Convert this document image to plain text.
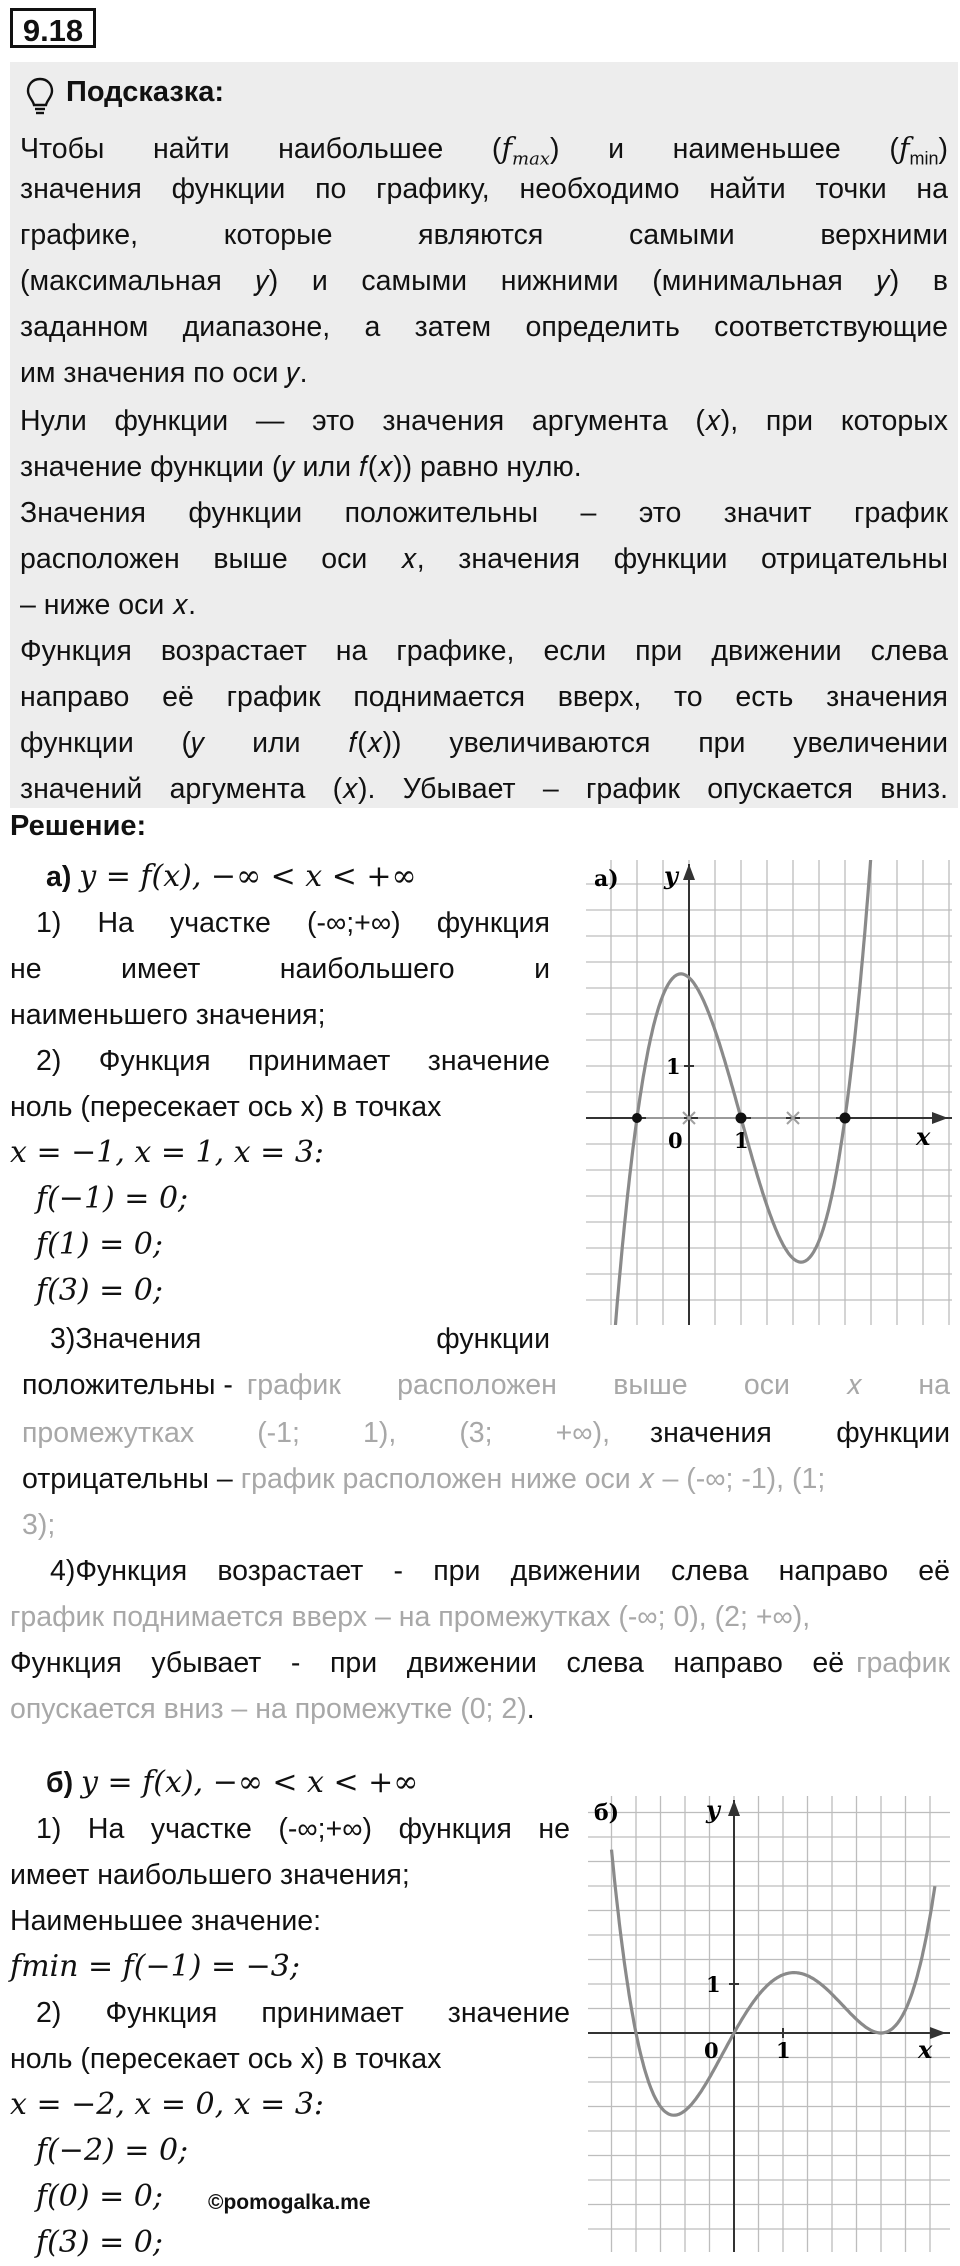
9.18
Подсказка:
Чтобы найти наибольшее $(f_{max})$ и наименьшее $(f_{min})$
значения функции по графику, необходимо найти точки на
графике, которые являются самыми верхними
(максимальная 𝑦) и самыми нижними (минимальная 𝑦) в
заданном диапазоне, а затем определить соответствующие
им значения по оси 𝑦.
Нули функции — это значения аргумента (𝑥), при которых
значение функции (𝑦 или 𝑓(𝑥)) равно нулю.
Значения функции положительны – это значит график
расположен выше оси 𝑥, значения функции отрицательны
– ниже оси 𝑥.
Функция возрастает на графике, если при движении слева
направо её график поднимается вверх, то есть значения
функции (𝑦 или 𝑓(𝑥)) увеличиваются при увеличении
значений аргумента (𝑥). Убывает – график опускается вниз.
Решение:
а) 𝑦 = 𝑓(𝑥), −∞ < 𝑥 < +∞
1) На участке (-∞;+∞) функция
не имеет наибольшего и
наименьшего значения;
2) Функция принимает значение
ноль (пересекает ось х) в точках
𝑥 = −1, 𝑥 = 1, 𝑥 = 3:
𝑓(−1) = 0;
𝑓(1) = 0;
𝑓(3) = 0;
3)Значения функции
положительны - график расположен выше оси 𝑥 на
промежутках (-1; 1), (3; +∞), значения функции
отрицательны – график расположен ниже оси 𝑥 – (-∞; -1), (1;
3);
4)Функция возрастает - при движении слева направо её
график поднимается вверх – на промежутках (-∞; 0), (2; +∞),
Функция убывает - при движении слева направо её график
опускается вниз – на промежутке (0; 2).
а) y
x
1
0 1
б) 𝑦 = 𝑓(𝑥), −∞ < 𝑥 < +∞
1) На участке (-∞;+∞) функция не
имеет наибольшего значения;
Наименьшее значение:
𝑓min = 𝑓(−1) = −3;
2) Функция принимает значение
ноль (пересекает ось х) в точках
𝑥 = −2, 𝑥 = 0, 𝑥 = 3:
𝑓(−2) = 0;
𝑓(0) = 0;
𝑓(3) = 0;
©pomogalka.me
б)	y
x
1
0	1
